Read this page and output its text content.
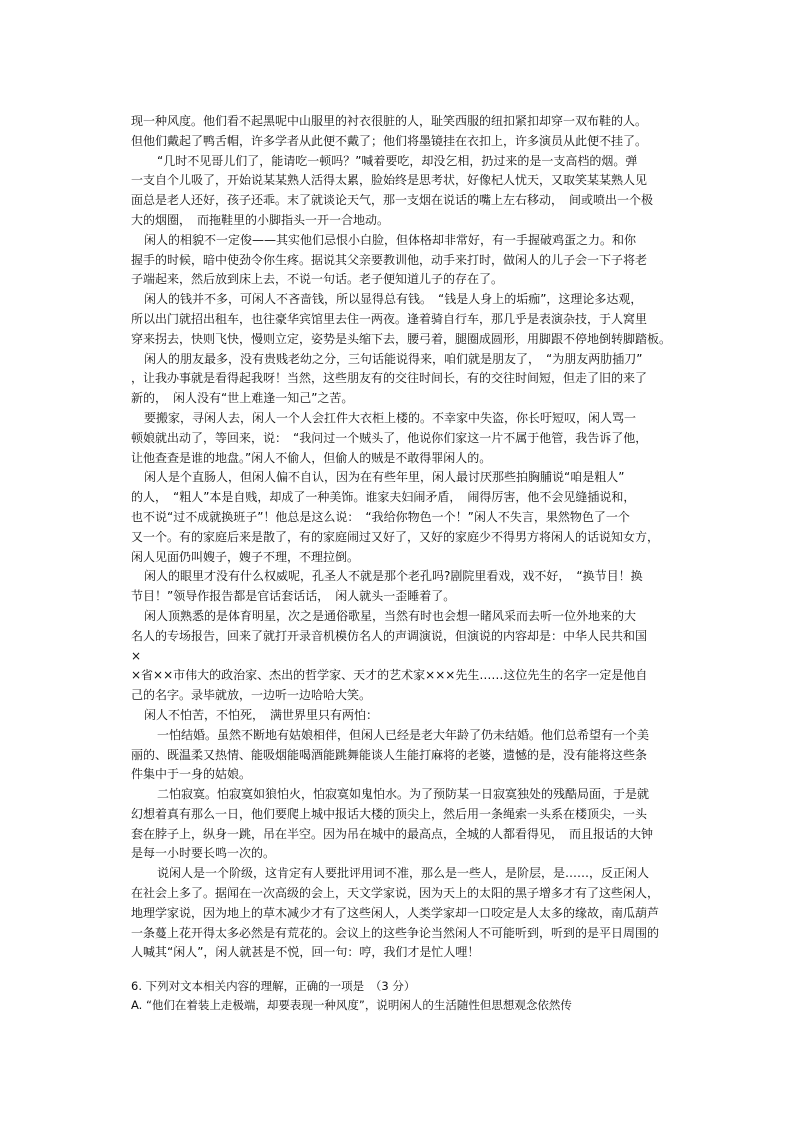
现一种风度。他们看不起黑呢中山服里的衬衣很脏的人，耻笑西服的纽扣紧扣却穿一双布鞋的人。

但他们戴起了鸭舌帽，许多学者从此便不戴了；他们将墨镜挂在衣扣上，许多演员从此便不挂了。

“几时不见哥儿们了，能请吃一顿吗？”喊着要吃，却没乞相，扔过来的是一支高档的烟。弹

一支自个儿吸了，开始说某某熟人活得太累，脸始终是思考状，好像杞人忧天，又取笑某某熟人见

面总是老人还好，孩子还乖。末了就谈论天气，那一支烟在说话的嘴上左右移动，　间或喷出一个极

大的烟圈，　而拖鞋里的小脚指头一开一合地动。

闲人的相貌不一定俊——其实他们忌恨小白脸，但体格却非常好，有一手握破鸡蛋之力。和你

握手的时候，暗中使劲令你生疼。据说其父亲要教训他，动手来打时，做闲人的儿子会一下子将老

子端起来，然后放到床上去，不说一句话。老子便知道儿子的存在了。

闲人的钱并不多，可闲人不吝啬钱，所以显得总有钱。　“钱是人身上的垢痂”，这理论多达观，

所以出门就招出租车，也往豪华宾馆里去住一两夜。逢着骑自行车，那几乎是表演杂技，于人窝里

穿来拐去，快则飞快，慢则立定，姿势是头缩下去，腰弓着，腿圈成圆形，用脚跟不停地倒转脚踏板。

闲人的朋友最多，没有贵贱老幼之分，三句话能说得来，咱们就是朋友了，　“为朋友两肋插刀”

，让我办事就是看得起我呀！当然，这些朋友有的交往时间长，有的交往时间短，但走了旧的来了

新的，　闲人没有“世上难逢一知己”之苦。

要搬家，寻闲人去，闲人一个人会扛件大衣柜上楼的。不幸家中失盗，你长吁短叹，闲人骂一

顿娘就出动了，等回来，说：　“我问过一个贼头了，他说你们家这一片不属于他管，我告诉了他，

让他查查是谁的地盘。”闲人不偷人，但偷人的贼是不敢得罪闲人的。

闲人是个直肠人，但闲人偏不自认，因为在有些年里，闲人最讨厌那些拍胸脯说“咱是粗人”

的人，　“粗人”本是自贱，却成了一种美饰。谁家夫妇闹矛盾，　闹得厉害，他不会见缝插说和，

也不说“过不成就换班子”！他总是这么说：　“我给你物色一个！”闲人不失言，果然物色了一个

又一个。有的家庭后来是散了，有的家庭闹过又好了，又好的家庭少不得男方将闲人的话说知女方，

闲人见面仍叫嫂子，嫂子不理，不理拉倒。

闲人的眼里才没有什么权威呢，孔圣人不就是那个老孔吗?剧院里看戏，戏不好，　“换节目！换

节目！”领导作报告都是官话套话话，　闲人就头一歪睡着了。

闲人顶熟悉的是体育明星，次之是通俗歌星，当然有时也会想一睹风采而去听一位外地来的大

名人的专场报告，回来了就打开录音机模仿名人的声调演说，但演说的内容却是：中华人民共和国

×

×省××市伟大的政治家、杰出的哲学家、天才的艺术家×××先生……这位先生的名字一定是他自

己的名字。录毕就放，一边听一边哈哈大笑。

闲人不怕苦，不怕死，　满世界里只有两怕：

一怕结婚。虽然不断地有姑娘相伴，但闲人已经是老大年龄了仍未结婚。他们总希望有一个美

丽的、既温柔又热情、能吸烟能喝酒能跳舞能谈人生能打麻将的老婆，遗憾的是，没有能将这些条

件集中于一身的姑娘。

二怕寂寞。怕寂寞如狼怕火，怕寂寞如鬼怕水。为了预防某一日寂寞独处的残酷局面，于是就

幻想着真有那么一日，他们要爬上城中报话大楼的顶尖上，然后用一条绳索一头系在楼顶尖，一头

套在脖子上，纵身一跳，吊在半空。因为吊在城中的最高点，全城的人都看得见，　而且报话的大钟

是每一小时要长鸣一次的。

说闲人是一个阶级，这肯定有人要批评用词不准，那么是一些人，是阶层，是……，反正闲人

在社会上多了。据闻在一次高级的会上，天文学家说，因为天上的太阳的黑子增多才有了这些闲人，

地理学家说，因为地上的草木减少才有了这些闲人，人类学家却一口咬定是人太多的缘故，南瓜葫芦

一条蔓上花开得太多必然是有荒花的。会议上的这些争论当然闲人不可能听到，听到的是平日周围的

人喊其“闲人”，闲人就甚是不悦，回一句：哼，我们才是忙人哩！

6. 下列对文本相关内容的理解，正确的一项是　（3 分）

A. “他们在着装上走极端，却要表现一种风度”，说明闲人的生活随性但思想观念依然传
